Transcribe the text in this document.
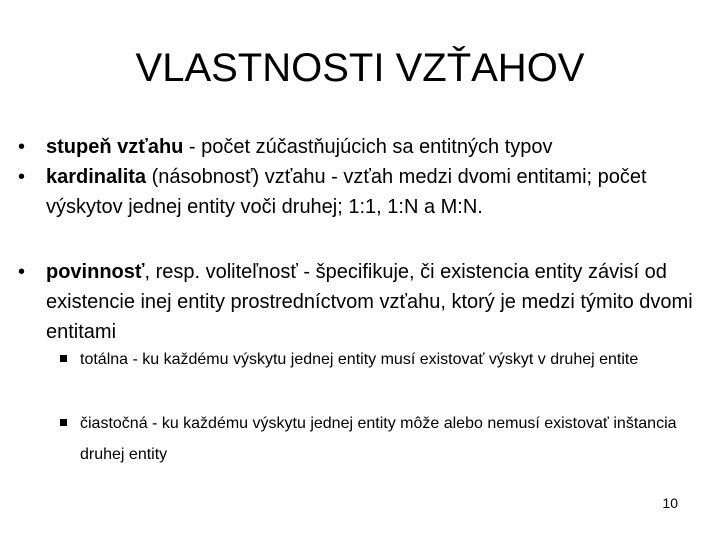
VLASTNOSTI VZŤAHOV
• stupeň vzťahu - počet zúčastňujúcich sa entitných typov
• kardinalita (násobnosť) vzťahu - vzťah medzi dvomi entitami; počet výskytov jednej entity voči druhej; 1:1, 1:N a M:N.
• povinnosť, resp. voliteľnosť - špecifikuje, či existencia entity závisí od existencie inej entity prostredníctvom vzťahu, ktorý je medzi týmito dvomi entitami
totálna - ku každému výskytu jednej entity musí existovať výskyt v druhej entite
čiastočná - ku každému výskytu jednej entity môže alebo nemusí existovať inštancia druhej entity
10
